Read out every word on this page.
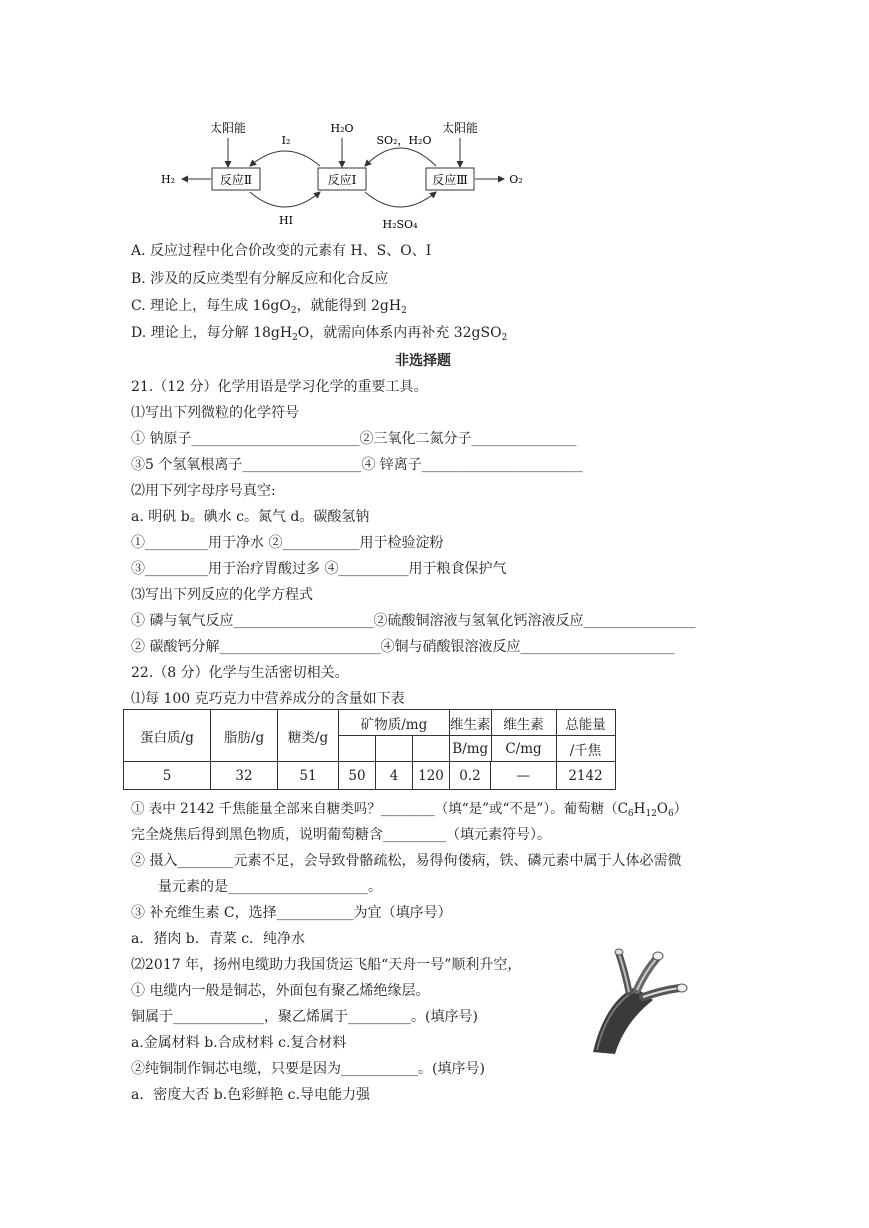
反应Ⅱ	反应Ⅰ	反应Ⅲ
太阳能	太阳能
H₂O
H₂	O₂
I₂	SO₂，H₂O
HI	H₂SO₄
A. 反应过程中化合价改变的元素有 H、S、O、I
B. 涉及的反应类型有分解反应和化合反应
C. 理论上，每生成 $16gO_2$，就能得到 $2gH_2$
D. 理论上，每分解 $18gH_2O$，就需向体系内再补充 32gSO$_2$
非选择题
21.（12 分）化学用语是学习化学的重要工具。
⑴写出下列微粒的化学符号
① 钠原子________________________②三氧化二氮分子_______________
③5 个氢氧根离子_________________④ 锌离子_______________________
⑵用下列字母序号真空:
a. 明矾 b。碘水 c。氮气 d。碳酸氢钠
①_________用于净水 ②___________用于检验淀粉
③_________用于治疗胃酸过多 ④__________用于粮食保护气
⑶写出下列反应的化学方程式
① 磷与氧气反应____________________②硫酸铜溶液与氢氧化钙溶液反应________________
② 碳酸钙分解_______________________④铜与硝酸银溶液反应______________________
22.（8 分）化学与生活密切相关。
⑴每 100 克巧克力中营养成分的含量如下表
蛋白质/g	脂肪/g	糖类/g	矿物质/mg			维生素	维生素	总能量
						B/mg	C/mg	/千焦
5	32	51	50	4	120	0.2	—	2142
① 表中 2142 千焦能量全部来自糖类吗？________（填“是”或“不是”）。葡萄糖$(C_6H_{12}O_6)$
完全烧焦后得到黑色物质，说明葡萄糖含_________（填元素符号）。
② 摄入________元素不足，会导致骨骼疏松，易得佝偻病，铁、磷元素中属于人体必需微
量元素的是____________________。
③ 补充维生素 C，选择___________为宜（填序号）
a．猪肉 b．青菜 c．纯净水
⑵2017 年，扬州电缆助力我国货运飞船“天舟一号”顺利升空，
① 电缆内一般是铜芯，外面包有聚乙烯绝缘层。
铜属于_____________，聚乙烯属于_________。(填序号)
a.金属材料 b.合成材料 c.复合材料
②纯铜制作铜芯电缆，只要是因为___________。(填序号)
a．密度大否 b.色彩鲜艳 c.导电能力强
